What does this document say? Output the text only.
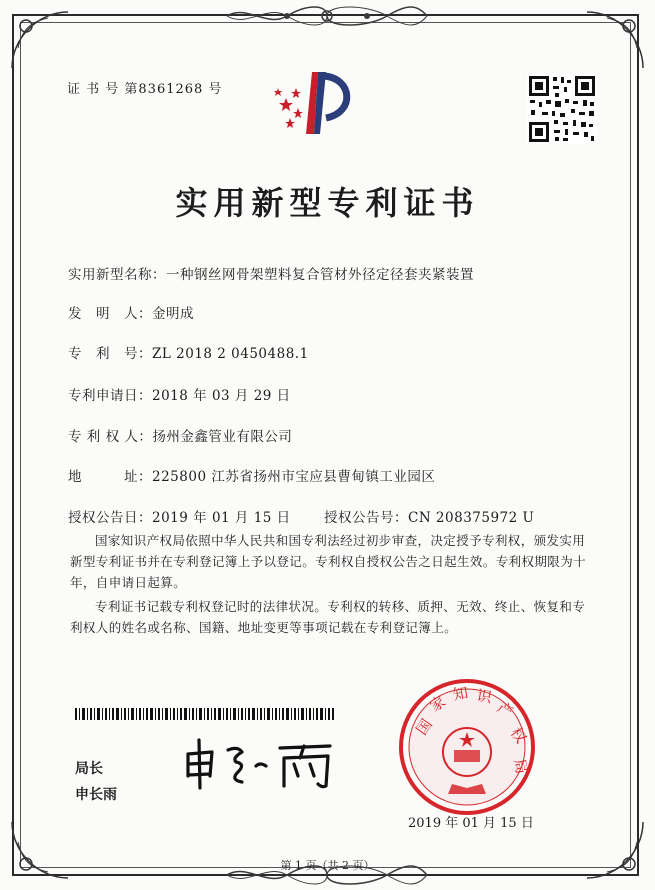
证 书 号 第8361268 号
实用新型专利证书
实用新型名称：一种钢丝网骨架塑料复合管材外径定径套夹紧装置
发　明　人：金明成
专　利　号：ZL 2018 2 0450488.1
专利申请日：2018 年 03 月 29 日
专 利 权 人：扬州金鑫管业有限公司
地　　　址：225800 江苏省扬州市宝应县曹甸镇工业园区
授权公告日：2019 年 01 月 15 日 授权公告号：CN 208375972 U

国家知识产权局依照中华人民共和国专利法经过初步审查，决定授予专利权，颁发实用新型专利证书并在专利登记簿上予以登记。专利权自授权公告之日起生效。专利权期限为十年，自申请日起算。

专利证书记载专利权登记时的法律状况。专利权的转移、质押、无效、终止、恢复和专利权人的姓名或名称、国籍、地址变更等事项记载在专利登记簿上。

局长
申长雨
国
家 知 识
产
权
局
2019 年 01 月 15 日
第 1 页（共 2 页）
